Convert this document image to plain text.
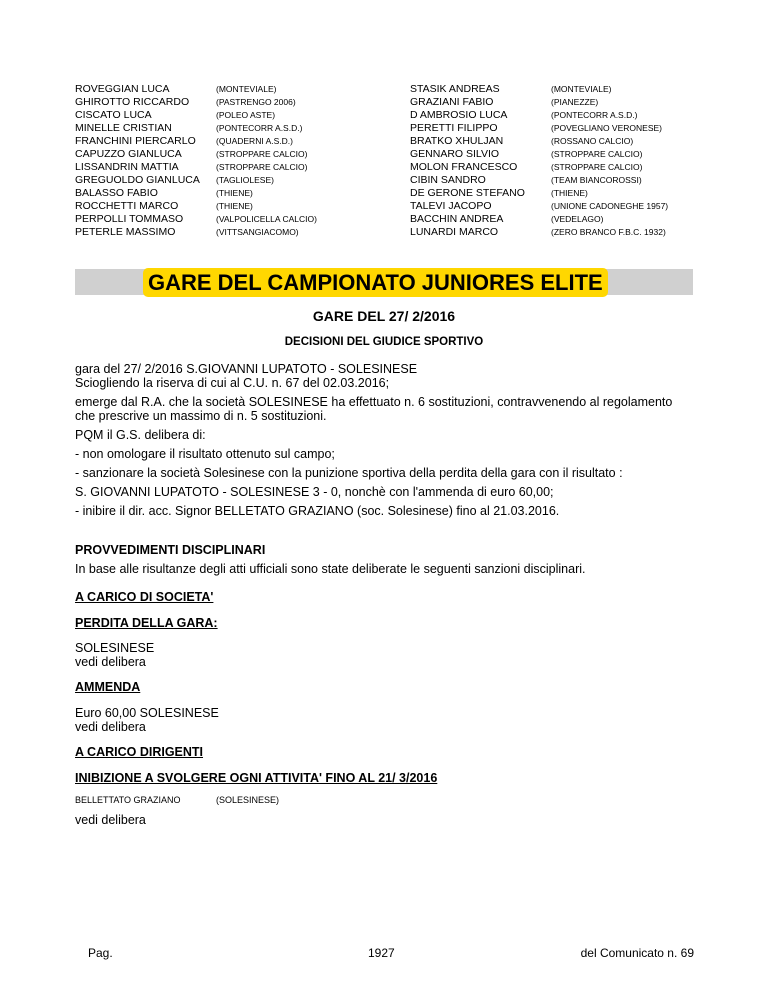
ROVEGGIAN LUCA	(MONTEVIALE)	STASIK ANDREAS	(MONTEVIALE)
GHIROTTO RICCARDO	(PASTRENGO 2006)	GRAZIANI FABIO	(PIANEZZE)
CISCATO LUCA	(POLEO ASTE)	D AMBROSIO LUCA	(PONTECORR A.S.D.)
MINELLE CRISTIAN	(PONTECORR A.S.D.)	PERETTI FILIPPO	(POVEGLIANO VERONESE)
FRANCHINI PIERCARLO (QUADERNI A.S.D.)	BRATKO XHULJAN	(ROSSANO CALCIO)
CAPUZZO GIANLUCA	(STROPPARE CALCIO)	GENNARO SILVIO	(STROPPARE CALCIO)
LISSANDRIN MATTIA	(STROPPARE CALCIO)	MOLON FRANCESCO	(STROPPARE CALCIO)
GREGUOLDO GIANLUCA (TAGLIOLESE)	CIBIN SANDRO	(TEAM BIANCOROSSI)
BALASSO FABIO	(THIENE)	DE GERONE STEFANO	(THIENE)
ROCCHETTI MARCO	(THIENE)	TALEVI JACOPO	(UNIONE CADONEGHE 1957)
PERPOLLI TOMMASO	(VALPOLICELLA CALCIO)	BACCHIN ANDREA	(VEDELAGO)
PETERLE MASSIMO	(VITTSANGIACOMO)	LUNARDI MARCO	(ZERO BRANCO F.B.C. 1932)
GARE DEL CAMPIONATO JUNIORES ELITE
GARE DEL 27/ 2/2016
DECISIONI DEL GIUDICE SPORTIVO
gara del 27/ 2/2016 S.GIOVANNI LUPATOTO - SOLESINESE
Sciogliendo la riserva di cui al C.U. n. 67 del 02.03.2016;
emerge dal R.A. che la società SOLESINESE ha effettuato n. 6 sostituzioni, contravvenendo al regolamento
che prescrive un massimo di n. 5 sostituzioni.
PQM il G.S. delibera di:
- non omologare il risultato ottenuto sul campo;
- sanzionare la società Solesinese con la punizione sportiva della perdita della gara con il risultato :
S. GIOVANNI LUPATOTO - SOLESINESE 3 - 0, nonchè con l'ammenda di euro 60,00;
- inibire il dir. acc. Signor BELLETATO GRAZIANO (soc. Solesinese) fino al 21.03.2016.
PROVVEDIMENTI DISCIPLINARI
In base alle risultanze degli atti ufficiali sono state deliberate le seguenti sanzioni disciplinari.
A CARICO DI SOCIETA'
PERDITA DELLA GARA:
SOLESINESE
vedi delibera
AMMENDA
Euro 60,00 SOLESINESE
vedi delibera
A CARICO DIRIGENTI
INIBIZIONE A SVOLGERE OGNI ATTIVITA' FINO AL 21/ 3/2016
BELLETTATO GRAZIANO	(SOLESINESE)
vedi delibera
Pag.	1927	del Comunicato n. 69
